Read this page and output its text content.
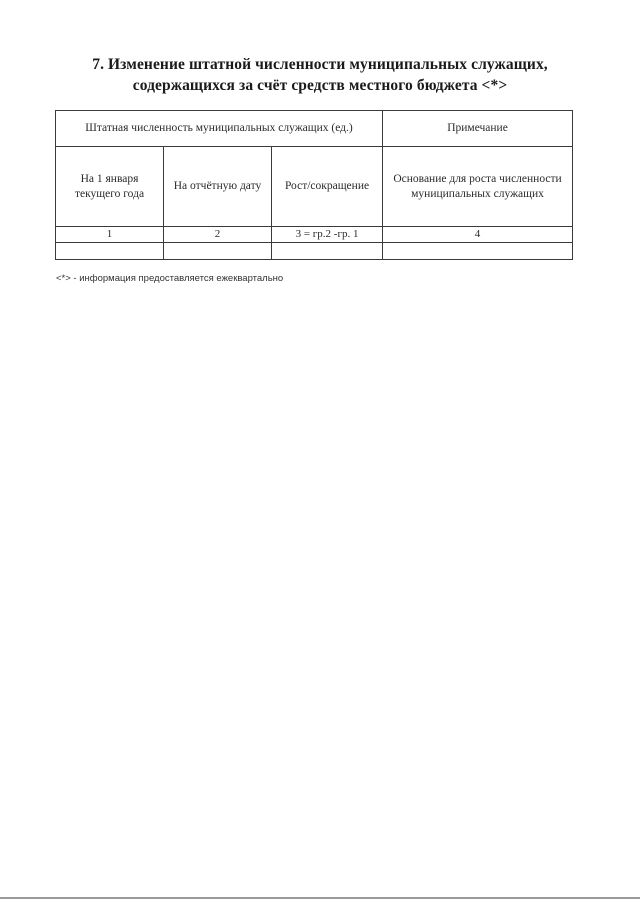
7. Изменение штатной численности муниципальных служащих,
содержащихся за счёт средств местного бюджета <*>
Штатная численность муниципальных служащих (ед.)			Примечание
На 1 января текущего года	На отчётную дату	Рост/сокращение	Основание для роста численности муниципальных служащих
1	2	3 = гр.2 -гр. 1	4

<*> - информация предоставляется ежеквартально
